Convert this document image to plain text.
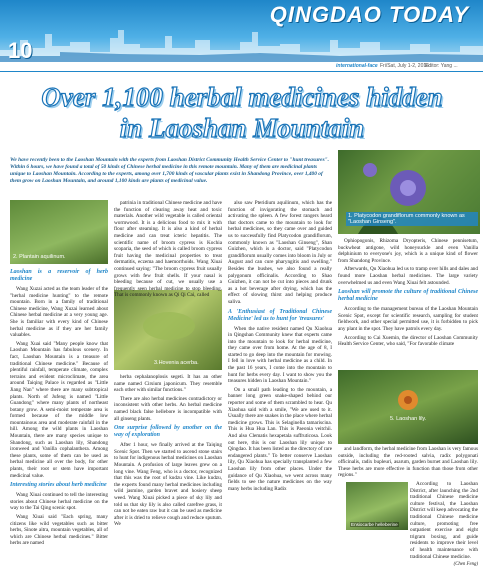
QINGDAO TODAY
10
international-face Fri/Sat, July 1-2, 2016
Editor: Yang ...
Over 1,100 herbal medicines hidden in Laoshan Mountain
We have recently been to the Laoshan Mountain with the experts from Laoshan District Community Health Service Center to "hunt treasures". Within 6 hours, we have found a total of 50 kinds of Chinese herbal medicine in this remote mountain. Many of them are medicinal plants unique to Laoshan Mountain. According to the experts, among over 1,700 kinds of vascular plants exist in Shandong Province, over 1,400 of them grow on Laoshan Mountain, and around 1,100 kinds are plants of medicinal value.
1. Platycodon grandiflorum commonly known as "Laoshan Ginseng".
2. Plantain aquilinum.
3.Hovenia acerba.
5. Laoshan lily.
Ensiocarbe helleberine
Laoshan is a reservoir of herb medicine

Wang Xuzai acted as the team leader of the "herbal medicine hunting" to the remote mountain. Born in a family of traditional Chinese medicine, Wang Xuzai learned about Chinese herbal medicine at a very young age. She is familiar with every kind of Chinese herbal medicine as if they are her family valuables.

Wang Xuai said "Many people know that Laoshan Mountain has fabulous scenery. In fact, Laoshan Mountain is a treasure of traditional Chinese medicine." Because of plentiful rainfall, temperate climate, complex terrains and evident microclimate, the area around Taiqing Palace is regarded as "Little Jiang Nan" where there are many subtropical plants. North of Jufeng is named "Little Guandong" where many plants of northeast botany grow. A semi-moist temperate area is formed because of the middle low mountainous area and moderate rainfall in the hill. Among the wild plants in Laoshan Mountain, there are many species unique to Shandong, such as Laoshan lily, Shandong ironweed and Vanilla cophalanthera. Among these plants, some of them can be used as herbal medicine all over the body, for other plants, their root or stem have important medicinal value.

Interesting stories about herb medicine

Wang Xiuai continued to tell the interesting stories about Chinese herbal medicine on the way to the Tai Qing scenic spot.

Wang Xiuai said "Each spring, many citizens like wild vegetables such as bitter herbs, Sinote aitra, mountain vegetables, all of which are Chinese herbal medicines." Bitter herbs are named

patrinia in traditional Chinese medicine and have the function of clearing away heat and toxic materials. Another wild vegetable is called oriental wormwood. It is a delicious food to mix it with flour after steaming. It is also a kind of herbal medicine and can treat icteric hepatitis. The scientific name of broom cypress is Kochia scoparia, the seed of which is called broom cypress fruit having the medicinal properties to treat dermatitis, eczema and haemorrhoids. Wang Xiuai continued saying: "The broom cypress fruit usually grows with few fruit shells. If your nasal is bleeding because of cut, we usually use a frequently seen herbal medicine to stop bleeding. That is commonly known as Qi Qi Cai, called

herba cephalanoplosis segeti. It has an other name named Cirsium japonicum. They resemble each other with similar functions."

There are also herbal medicines contradictory or inconsistent with other herbs. An herbal medicine named black false hellebore is incompatible with all ginseng plants.

One surprise followed by another on the way of exploration

After 1 hour, we finally arrived at the Taiqing Scenic Spot. Then we started to ascend stone stairs to hunt for indigenous herbal medicines on Laoshan Mountain. A profusion of large leaves grew on a long vine. Wang Feng, who is a doctor, recognized that this was the root of kudzu vine. Like kudzu, the experts found many herbal medicines including wild jasmine, garden bravet and hosiery sheep weed. Wang Xiuai picked a piece of sky lily and told us that sky lily is also called carefree grass, it can not be eaten raw but it can be used as medicine after it is dried to relieve cough and reduce sputum. We

also saw Pteridium aquilinum, which has the function of invigorating the stomach and activating the spleen. A few forest rangers heard that doctors came to the mountain to look for herbal medicines, so they came over and guided us to successfully find Platycodon grandiflorum, commonly known as "Laoshan Ginseng", Shan Guizhen, which is a doctor, said "Platycodon grandiflorum usually comes into bloom in July or August and can cure pharyngitis and swelling." Besides the bushes, we also found a really palygonum officinalis. According to Shao Guizhen, it can not be cut into pieces and drunk as a hot beverage after drying, which has the effect of slowing thirst and helping produce saliva.

A 'Enthusiast of Traditional Chinese Medicine' led us to hunt for 'treasures'

When the native resident named Qu Xiaohua in Qingshan Community knew that experts came into the mountain to look for herbal medicine, they came over from home. At the age of 8, I started to go deep into the mountain for mowing. I fell in love with herbal medicine as a child. In the past 16 years, I come into the mountain to hunt for herbs every day. I want to show you the treasures hidden in Laoshan Mountain."

On a small path leading to the mountain, a banner long green snake-shaped behind our reporter and some of them scrambled to hear. Qu Xiaohua said with a smile, "We are used to it. Usually there are snakes in the place where herbal medicine grows. This is Selaginella tamariscina. This is Hua Hua Lan. This is Paeonia veitchii. And also Clematis hexapetala suffruticosa. Look out here, this is our Laoshan lily unique to Qingdao. It has been listed as the directory of rare endangered plants." To better conserve Laoshan lily, Qu Xiaohua has specially transplanted a few Laoshan lily from other places. Under the guidance of Qu Xiaohua, we went across many fields to see the nature medicines on the way many herbs including Radix

Ophiopogonis, Rhizoma Dryopteris, Chinese pennisetum, buckwheat antigone, wild honeysuckle and even Vanilla delphinium to everyone's joy, which is a unique kind of flower from Shandong Province.

Afterwards, Qu Xiaohua led us to tramp over hills and dales and found more Laoshan herbal medicines. The large variety overwhelmed us and even Wang Xiuai felt astounded.

Laoshan will promote the culture of traditional Chinese herbal medicine

According to the management bureau of the Laoshan Mountain Scenic Spot, except for scientific research, sampling for student fieldwork, and other special permitted use, it is forbidden to pick any plant in the spot. They have patrols every day.

According to Cai Xuemin, the director of Laoshan Community Health Service Center, who said, "For favorable climate

and landform, the herbal medicine from Laoshan is very famous outside, including the red-rooted salvia, radix polygonati officinalis, radix bupleuri, asarum, garden burnet and Laoshan lily. These herbs are more effective in function than those from other regions."

According to Laoshan District, after launching the 2nd traditional Chinese medicine culture festival, the Laoshan District will keep advocating the traditional Chinese medicine culture, promoting free outpatient exercise and eight trigram boxing, and guide residents to improve their level of health maintenance with traditional Chinese medicine.

(Chen Feng)
